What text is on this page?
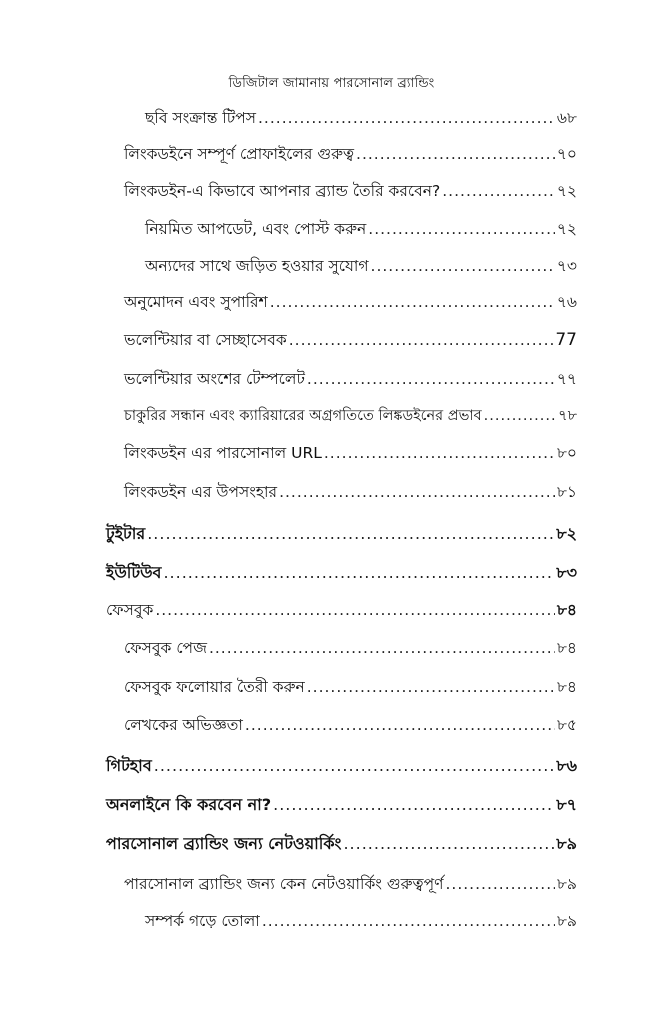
ডিজিটাল জামানায় পারসোনাল ব্র্যান্ডিং
ছবি সংক্রান্ত টিপস .....	৬৮
লিংকডইনে সম্পূর্ণ প্রোফাইলের গুরুত্ব .....	৭০
লিংকডইন-এ কিভাবে আপনার ব্র্যান্ড তৈরি করবেন? .....	৭২
নিয়মিত আপডেট, এবং পোস্ট করুন .....	৭২
অন্যদের সাথে জড়িত হওয়ার সুযোগ .....	৭৩
অনুমোদন এবং সুপারিশ .....	৭৬
ভলেন্টিয়ার বা সেচ্ছাসেবক .....	77
ভলেন্টিয়ার অংশের টেম্পলেট .....	৭৭
চাকুরির সন্ধান এবং ক্যারিয়ারের অগ্রগতিতে লিঙ্কডইনের প্রভাব .....	৭৮
লিংকডইন এর পারসোনাল URL .....	৮০
লিংকডইন এর উপসংহার .....	৮১
টুইটার .....	৮২
ইউটিউব .....	৮৩
ফেসবুক .....	৮৪
ফেসবুক পেজ .....	৮৪
ফেসবুক ফলোয়ার তৈরী করুন .....	৮৪
লেখকের অভিজ্ঞতা .....	৮৫
গিটহাব .....	৮৬
অনলাইনে কি করবেন না? .....	৮৭
পারসোনাল ব্র্যান্ডিং জন্য নেটওয়ার্কিং .....	৮৯
পারসোনাল ব্র্যান্ডিং জন্য কেন নেটওয়ার্কিং গুরুত্বপূর্ণ .....	৮৯
সম্পর্ক গড়ে তোলা .....	৮৯
